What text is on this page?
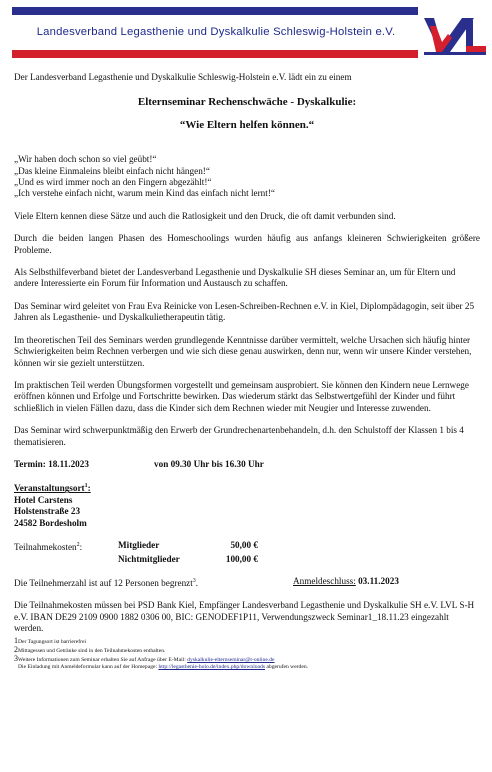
Landesverband Legasthenie und Dyskalkulie Schleswig-Holstein e.V.

Der Landesverband Legasthenie und Dyskalkulie Schleswig-Holstein e.V. lädt ein zu einem

Elternseminar Rechenschwäche - Dyskalkulie:

“Wie Eltern helfen können.“

„Wir haben doch schon so viel geübt!“

„Das kleine Einmaleins bleibt einfach nicht hängen!“

„Und es wird immer noch an den Fingern abgezählt!“

„Ich verstehe einfach nicht, warum mein Kind das einfach nicht lernt!“

Viele Eltern kennen diese Sätze und auch die Ratlosigkeit und den Druck, die oft damit verbunden sind.

Durch die beiden langen Phasen des Homeschoolings wurden häufig aus anfangs kleineren Schwierigkeiten größere Probleme.

Als Selbsthilfeverband bietet der Landesverband Legasthenie und Dyskalkulie SH dieses Seminar an, um für Eltern und andere Interessierte ein Forum für Information und Austausch zu schaffen.

Das Seminar wird geleitet von Frau Eva Reinicke von Lesen-Schreiben-Rechnen e.V. in Kiel, Diplompädagogin, seit über 25 Jahren als Legasthenie- und Dyskalkulietherapeutin tätig.

Im theoretischen Teil des Seminars werden grundlegende Kenntnisse darüber vermittelt, welche Ursachen sich häufig hinter Schwierigkeiten beim Rechnen verbergen und wie sich diese genau auswirken, denn nur, wenn wir unsere Kinder verstehen, können wir sie gezielt unterstützen.

Im praktischen Teil werden Übungsformen vorgestellt und gemeinsam ausprobiert. Sie können den Kindern neue Lernwege eröffnen können und Erfolge und Fortschritte bewirken. Das wiederum stärkt das Selbstwertgefühl der Kinder und führt schließlich in vielen Fällen dazu, dass die Kinder sich dem Rechnen wieder mit Neugier und Interesse zuwenden.

Das Seminar wird schwerpunktmäßig den Erwerb der Grundrechenartenbehandeln, d.h. den Schulstoff der Klassen 1 bis 4 thematisieren.

Termin: 18.11.2023	von 09.30 Uhr bis 16.30 Uhr

Veranstaltungsort$^1$:

Hotel Carstens

Holstenstraße 23

24582 Bordesholm

Teilnahmekosten$^2$:	Mitglieder	50,00 €
Nichtmitglieder	100,00 €
Die Teilnehmerzahl ist auf 12 Personen begrenzt$^3$.	Anmeldeschluss: 03.11.2023

Die Teilnahmekosten müssen bei PSD Bank Kiel, Empfänger Landesverband Legasthenie und Dyskalkulie SH e.V. LVL S-H e.V. IBAN DE29 2109 0900 1882 0306 00, BIC: GENODEF1P11, Verwendungszweck Seminar1_18.11.23 eingezahlt werden.

1Der Tagungsort ist barrierefrei

2Mittagessen und Getränke sind in den Teilnahmekosten enthalten.

3Weitere Informationen zum Seminar erhalten Sie auf Anfrage über E-Mail: dyskalkulie-elternseminar@t-online.de

Die Einladung mit Anmeldeformular kann auf der Homepage: http://legasthenie-holo.de/index.php/downloads abgerufen werden.
